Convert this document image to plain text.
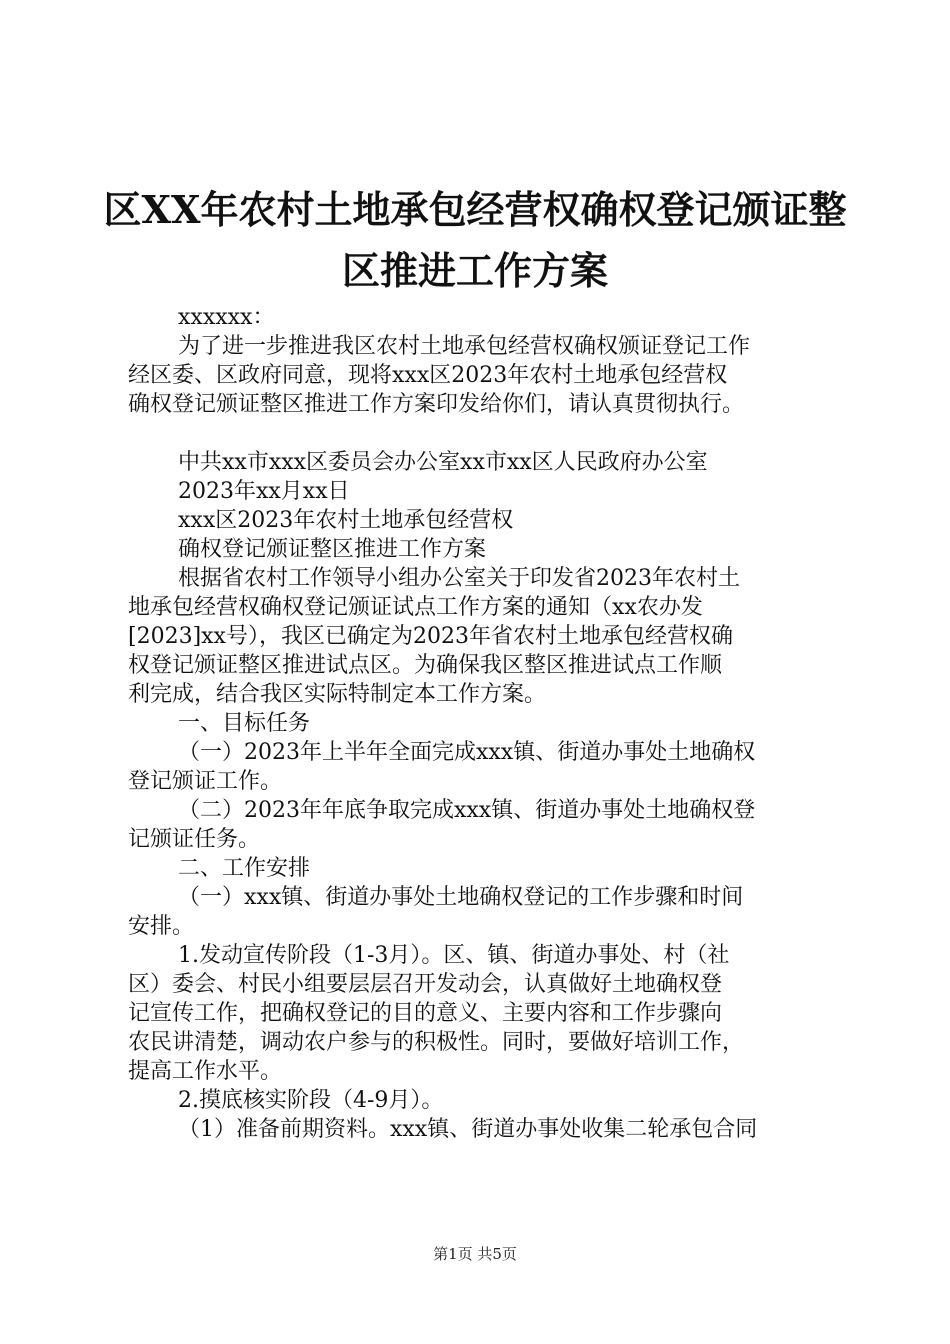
区XX年农村土地承包经营权确权登记颁证整
区推进工作方案
xxxxxx：
为了进一步推进我区农村土地承包经营权确权颁证登记工作
经区委、区政府同意，现将xxx区2023年农村土地承包经营权
确权登记颁证整区推进工作方案印发给你们，请认真贯彻执行。
中共xx市xxx区委员会办公室xx市xx区人民政府办公室
2023年xx月xx日
xxx区2023年农村土地承包经营权
确权登记颁证整区推进工作方案
根据省农村工作领导小组办公室关于印发省2023年农村土
地承包经营权确权登记颁证试点工作方案的通知（xx农办发
[2023]xx号），我区已确定为2023年省农村土地承包经营权确
权登记颁证整区推进试点区。为确保我区整区推进试点工作顺
利完成，结合我区实际特制定本工作方案。
一、目标任务
（一）2023年上半年全面完成xxx镇、街道办事处土地确权
登记颁证工作。
（二）2023年年底争取完成xxx镇、街道办事处土地确权登
记颁证任务。
二、工作安排
（一）xxx镇、街道办事处土地确权登记的工作步骤和时间
安排。
1.发动宣传阶段（1-3月）。区、镇、街道办事处、村（社
区）委会、村民小组要层层召开发动会，认真做好土地确权登
记宣传工作，把确权登记的目的意义、主要内容和工作步骤向
农民讲清楚，调动农户参与的积极性。同时，要做好培训工作，
提高工作水平。
2.摸底核实阶段（4-9月）。
（1）准备前期资料。xxx镇、街道办事处收集二轮承包合同
第1页 共5页
